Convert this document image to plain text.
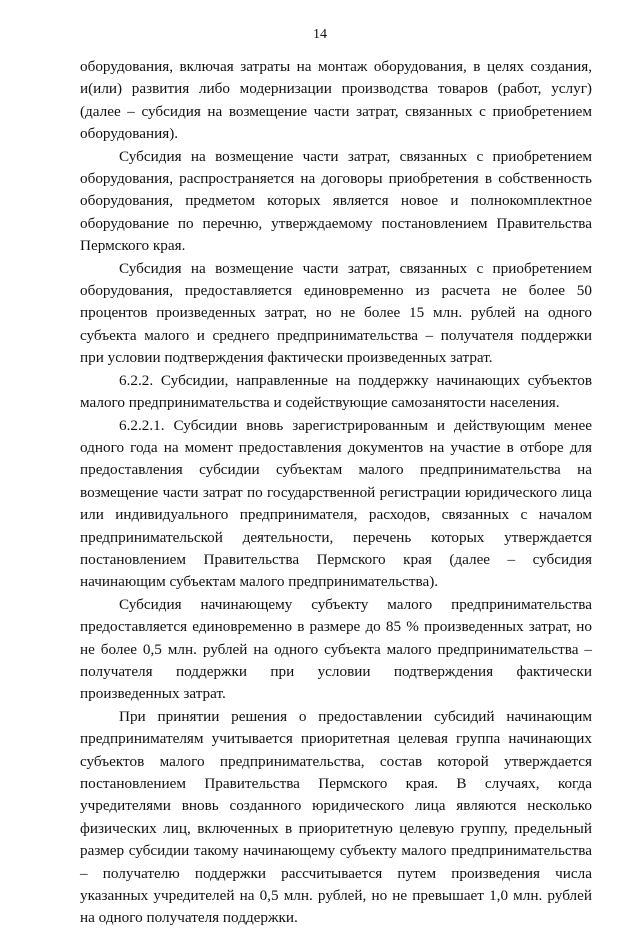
14

оборудования, включая затраты на монтаж оборудования, в целях создания, и(или) развития либо модернизации производства товаров (работ, услуг) (далее – субсидия на возмещение части затрат, связанных с приобретением оборудования).

Субсидия на возмещение части затрат, связанных с приобретением оборудования, распространяется на договоры приобретения в собственность оборудования, предметом которых является новое и полнокомплектное оборудование по перечню, утверждаемому постановлением Правительства Пермского края.

Субсидия на возмещение части затрат, связанных с приобретением оборудования, предоставляется единовременно из расчета не более 50 процентов произведенных затрат, но не более 15 млн. рублей на одного субъекта малого и среднего предпринимательства – получателя поддержки при условии подтверждения фактически произведенных затрат.

6.2.2. Субсидии, направленные на поддержку начинающих субъектов малого предпринимательства и содействующие самозанятости населения.

6.2.2.1. Субсидии вновь зарегистрированным и действующим менее одного года на момент предоставления документов на участие в отборе для предоставления субсидии субъектам малого предпринимательства на возмещение части затрат по государственной регистрации юридического лица или индивидуального предпринимателя, расходов, связанных с началом предпринимательской деятельности, перечень которых утверждается постановлением Правительства Пермского края (далее – субсидия начинающим субъектам малого предпринимательства).

Субсидия начинающему субъекту малого предпринимательства предоставляется единовременно в размере до 85 % произведенных затрат, но не более 0,5 млн. рублей на одного субъекта малого предпринимательства – получателя поддержки при условии подтверждения фактически произведенных затрат.

При принятии решения о предоставлении субсидий начинающим предпринимателям учитывается приоритетная целевая группа начинающих субъектов малого предпринимательства, состав которой утверждается постановлением Правительства Пермского края. В случаях, когда учредителями вновь созданного юридического лица являются несколько физических лиц, включенных в приоритетную целевую группу, предельный размер субсидии такому начинающему субъекту малого предпринимательства – получателю поддержки рассчитывается путем произведения числа указанных учредителей на 0,5 млн. рублей, но не превышает 1,0 млн. рублей на одного получателя поддержки.
